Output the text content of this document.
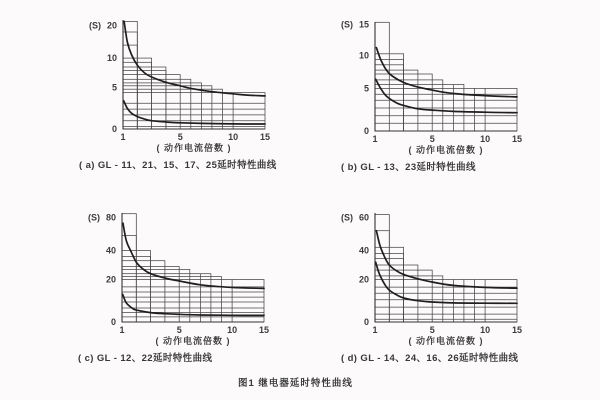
0
5
10
20
1	5	10 15
(S)
( 动作电流倍数 )
( a) GL - 11、21、15、17、25延时特性曲线
0
5
10
15
1	5	10 15
(S)
( 动作电流倍数 )
( b) GL - 13、23延时特性曲线
0
20
40
80
1	5	10 15
(S)
( 动作电流倍数 )
( c) GL - 12、22延时特性曲线
0
20
40
60
1	5	10 15
(S)
( 动作电流倍数 )
( d) GL - 14、24、16、26延时特性曲线
图1 继电器延时特性曲线
